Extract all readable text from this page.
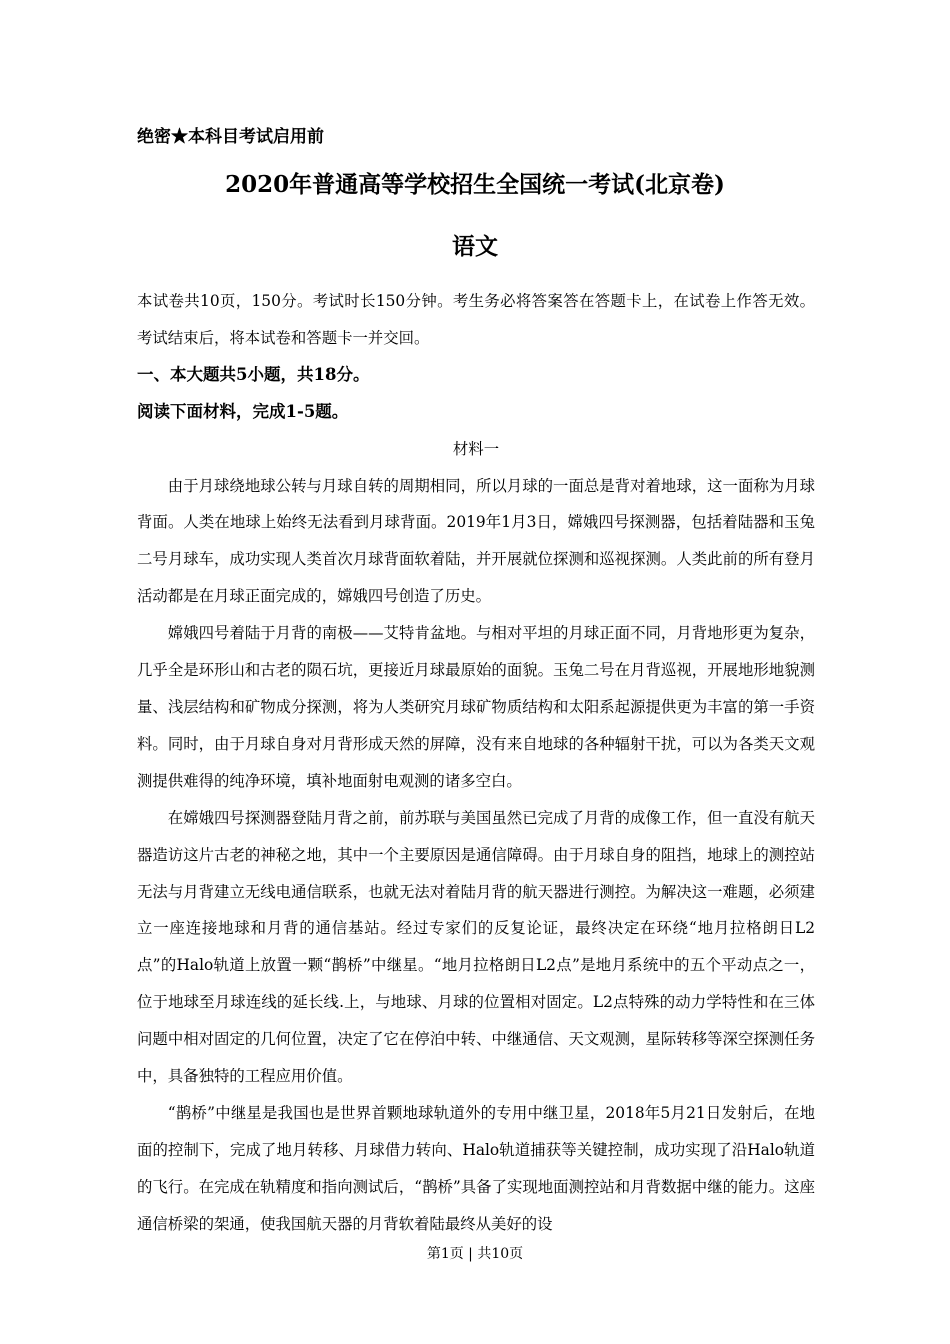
绝密★本科目考试启用前
2020年普通高等学校招生全国统一考试(北京卷)
语文

本试卷共10页，150分。考试时长150分钟。考生务必将答案答在答题卡上，在试卷上作答无效。考试结束后，将本试卷和答题卡一并交回。

一、本大题共5小题，共18分。

阅读下面材料，完成1-5题。

材料一

由于月球绕地球公转与月球自转的周期相同，所以月球的一面总是背对着地球，这一面称为月球背面。人类在地球上始终无法看到月球背面。2019年1月3日，嫦娥四号探测器，包括着陆器和玉兔二号月球车，成功实现人类首次月球背面软着陆，并开展就位探测和巡视探测。人类此前的所有登月活动都是在月球正面完成的，嫦娥四号创造了历史。

嫦娥四号着陆于月背的南极——艾特肯盆地。与相对平坦的月球正面不同，月背地形更为复杂，几乎全是环形山和古老的陨石坑，更接近月球最原始的面貌。玉兔二号在月背巡视，开展地形地貌测量、浅层结构和矿物成分探测，将为人类研究月球矿物质结构和太阳系起源提供更为丰富的第一手资料。同时，由于月球自身对月背形成天然的屏障，没有来自地球的各种辐射干扰，可以为各类天文观测提供难得的纯净环境，填补地面射电观测的诸多空白。

在嫦娥四号探测器登陆月背之前，前苏联与美国虽然已完成了月背的成像工作，但一直没有航天器造访这片古老的神秘之地，其中一个主要原因是通信障碍。由于月球自身的阻挡，地球上的测控站无法与月背建立无线电通信联系，也就无法对着陆月背的航天器进行测控。为解决这一难题，必须建立一座连接地球和月背的通信基站。经过专家们的反复论证，最终决定在环绕“地月拉格朗日L2点”的Halo轨道上放置一颗“鹊桥”中继星。“地月拉格朗日L2点”是地月系统中的五个平动点之一，位于地球至月球连线的延长线.上，与地球、月球的位置相对固定。L2点特殊的动力学特性和在三体问题中相对固定的几何位置，决定了它在停泊中转、中继通信、天文观测，星际转移等深空探测任务中，具备独特的工程应用价值。

“鹊桥”中继星是我国也是世界首颗地球轨道外的专用中继卫星，2018年5月21日发射后，在地面的控制下，完成了地月转移、月球借力转向、Halo轨道捕获等关键控制，成功实现了沿Halo轨道的飞行。在完成在轨精度和指向测试后，“鹊桥”具备了实现地面测控站和月背数据中继的能力。这座通信桥梁的架通，使我国航天器的月背软着陆最终从美好的设

第1页 | 共10页
